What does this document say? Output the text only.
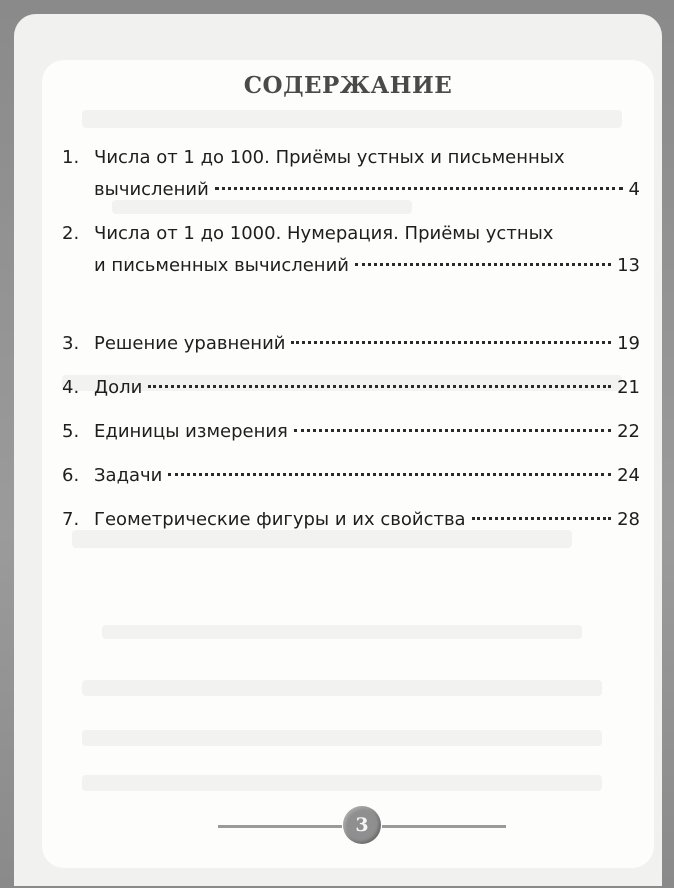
СОДЕРЖАНИЕ
1. Числа от 1 до 100. Приёмы устных и письменных
вычислений	4
2. Числа от 1 до 1000. Нумерация. Приёмы устных
и письменных вычислений	13
3. Решение уравнений	19
4. Доли	21
5. Единицы измерения	22
6. Задачи	24
7. Геометрические фигуры и их свойства	28
3
